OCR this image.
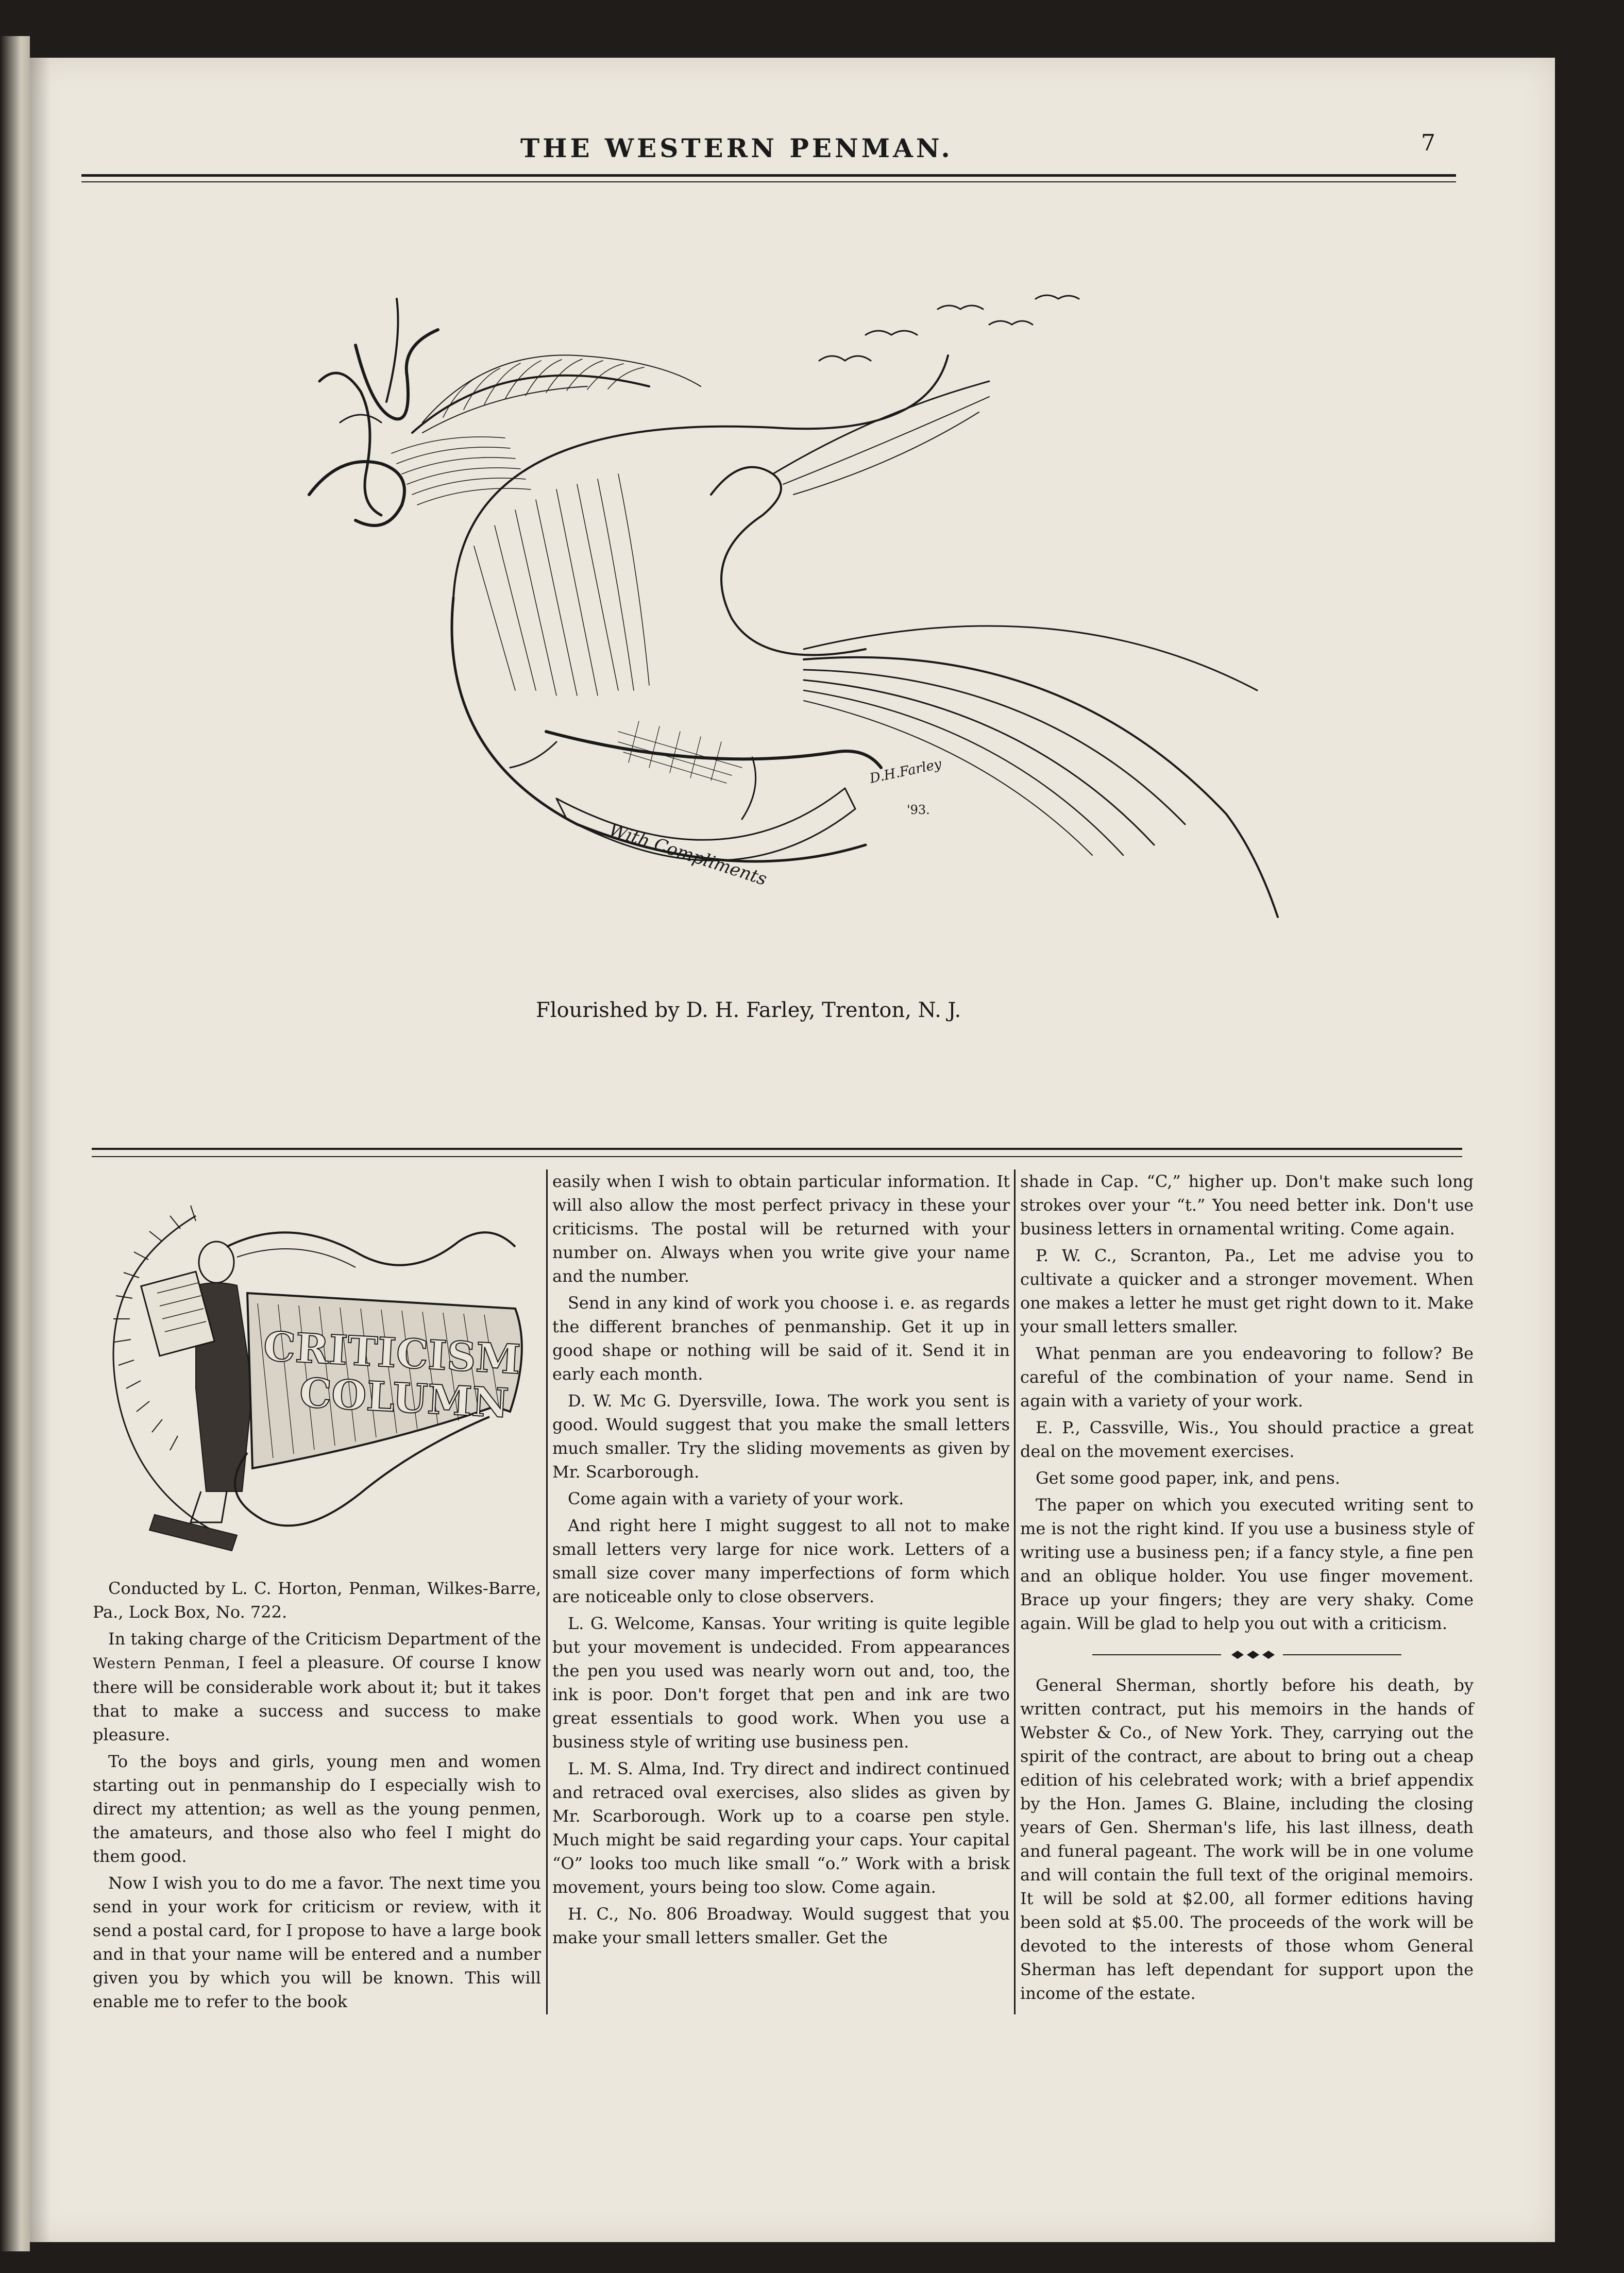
THE WESTERN PENMAN.	7
With Compliments
D.H.Farley
'93.
Flourished by D. H. Farley, Trenton, N. J.
CRITICISM
COLUMN

Conducted by L. C. Horton, Penman, Wilkes-Barre, Pa., Lock Box, No. 722.

In taking charge of the Criticism Department of the Western Penman, I feel a pleasure. Of course I know there will be considerable work about it; but it takes that to make a success and success to make pleasure.

To the boys and girls, young men and women starting out in penmanship do I especially wish to direct my attention; as well as the young penmen, the amateurs, and those also who feel I might do them good.

Now I wish you to do me a favor. The next time you send in your work for criticism or review, with it send a postal card, for I propose to have a large book and in that your name will be entered and a number given you by which you will be known. This will enable me to refer to the book

easily when I wish to obtain particular information. It will also allow the most perfect privacy in these your criticisms. The postal will be returned with your number on. Always when you write give your name and the number.

Send in any kind of work you choose i. e. as regards the different branches of penmanship. Get it up in good shape or nothing will be said of it. Send it in early each month.

D. W. Mc G. Dyersville, Iowa. The work you sent is good. Would suggest that you make the small letters much smaller. Try the sliding movements as given by Mr. Scarborough.

Come again with a variety of your work.

And right here I might suggest to all not to make small letters very large for nice work. Letters of a small size cover many imperfections of form which are noticeable only to close observers.

L. G. Welcome, Kansas. Your writing is quite legible but your movement is undecided. From appearances the pen you used was nearly worn out and, too, the ink is poor. Don't forget that pen and ink are two great essentials to good work. When you use a business style of writing use business pen.

L. M. S. Alma, Ind. Try direct and indirect continued and retraced oval exercises, also slides as given by Mr. Scarborough. Work up to a coarse pen style. Much might be said regarding your caps. Your capital “O” looks too much like small “o.” Work with a brisk movement, yours being too slow. Come again.

H. C., No. 806 Broadway. Would suggest that you make your small letters smaller. Get the

shade in Cap. “C,” higher up. Don't make such long strokes over your “t.” You need better ink. Don't use business letters in ornamental writing. Come again.

P. W. C., Scranton, Pa., Let me advise you to cultivate a quicker and a stronger movement. When one makes a letter he must get right down to it. Make your small letters smaller.

What penman are you endeavoring to follow? Be careful of the combination of your name. Send in again with a variety of your work.

E. P., Cassville, Wis., You should practice a great deal on the movement exercises.

Get some good paper, ink, and pens.

The paper on which you executed writing sent to me is not the right kind. If you use a business style of writing use a business pen; if a fancy style, a fine pen and an oblique holder. You use finger movement. Brace up your fingers; they are very shaky. Come again. Will be glad to help you out with a criticism.

General Sherman, shortly before his death, by written contract, put his memoirs in the hands of Webster & Co., of New York. They, carrying out the spirit of the contract, are about to bring out a cheap edition of his celebrated work; with a brief appendix by the Hon. James G. Blaine, including the closing years of Gen. Sherman's life, his last illness, death and funeral pageant. The work will be in one volume and will contain the full text of the original memoirs. It will be sold at $2.00, all former editions having been sold at $5.00. The proceeds of the work will be devoted to the interests of those whom General Sherman has left dependant for support upon the income of the estate.
